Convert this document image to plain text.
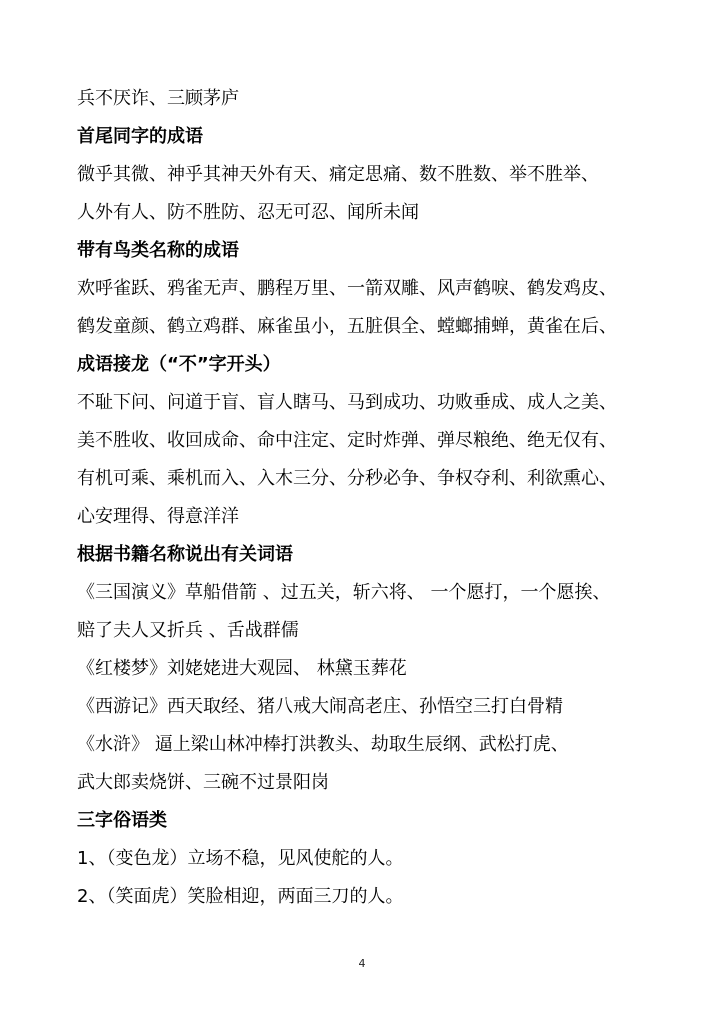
兵不厌诈、三顾茅庐
首尾同字的成语
微乎其微、神乎其神天外有天、痛定思痛、数不胜数、举不胜举、
人外有人、防不胜防、忍无可忍、闻所未闻
带有鸟类名称的成语
欢呼雀跃、鸦雀无声、鹏程万里、一箭双雕、风声鹤唳、鹤发鸡皮、
鹤发童颜、鹤立鸡群、麻雀虽小，五脏俱全、螳螂捕蝉，黄雀在后、
成语接龙（“不”字开头）
不耻下问、问道于盲、盲人瞎马、马到成功、功败垂成、成人之美、
美不胜收、收回成命、命中注定、定时炸弹、弹尽粮绝、绝无仅有、
有机可乘、乘机而入、入木三分、分秒必争、争权夺利、利欲熏心、
心安理得、得意洋洋
根据书籍名称说出有关词语
《三国演义》草船借箭 、过五关，斩六将、 一个愿打，一个愿挨、
赔了夫人又折兵 、舌战群儒
《红楼梦》刘姥姥进大观园、 林黛玉葬花
《西游记》西天取经、猪八戒大闹高老庄、孙悟空三打白骨精
《水浒》 逼上梁山林冲棒打洪教头、劫取生辰纲、武松打虎、
武大郎卖烧饼、三碗不过景阳岗
三字俗语类
1、（变色龙）立场不稳，见风使舵的人。
2、（笑面虎）笑脸相迎，两面三刀的人。
4
